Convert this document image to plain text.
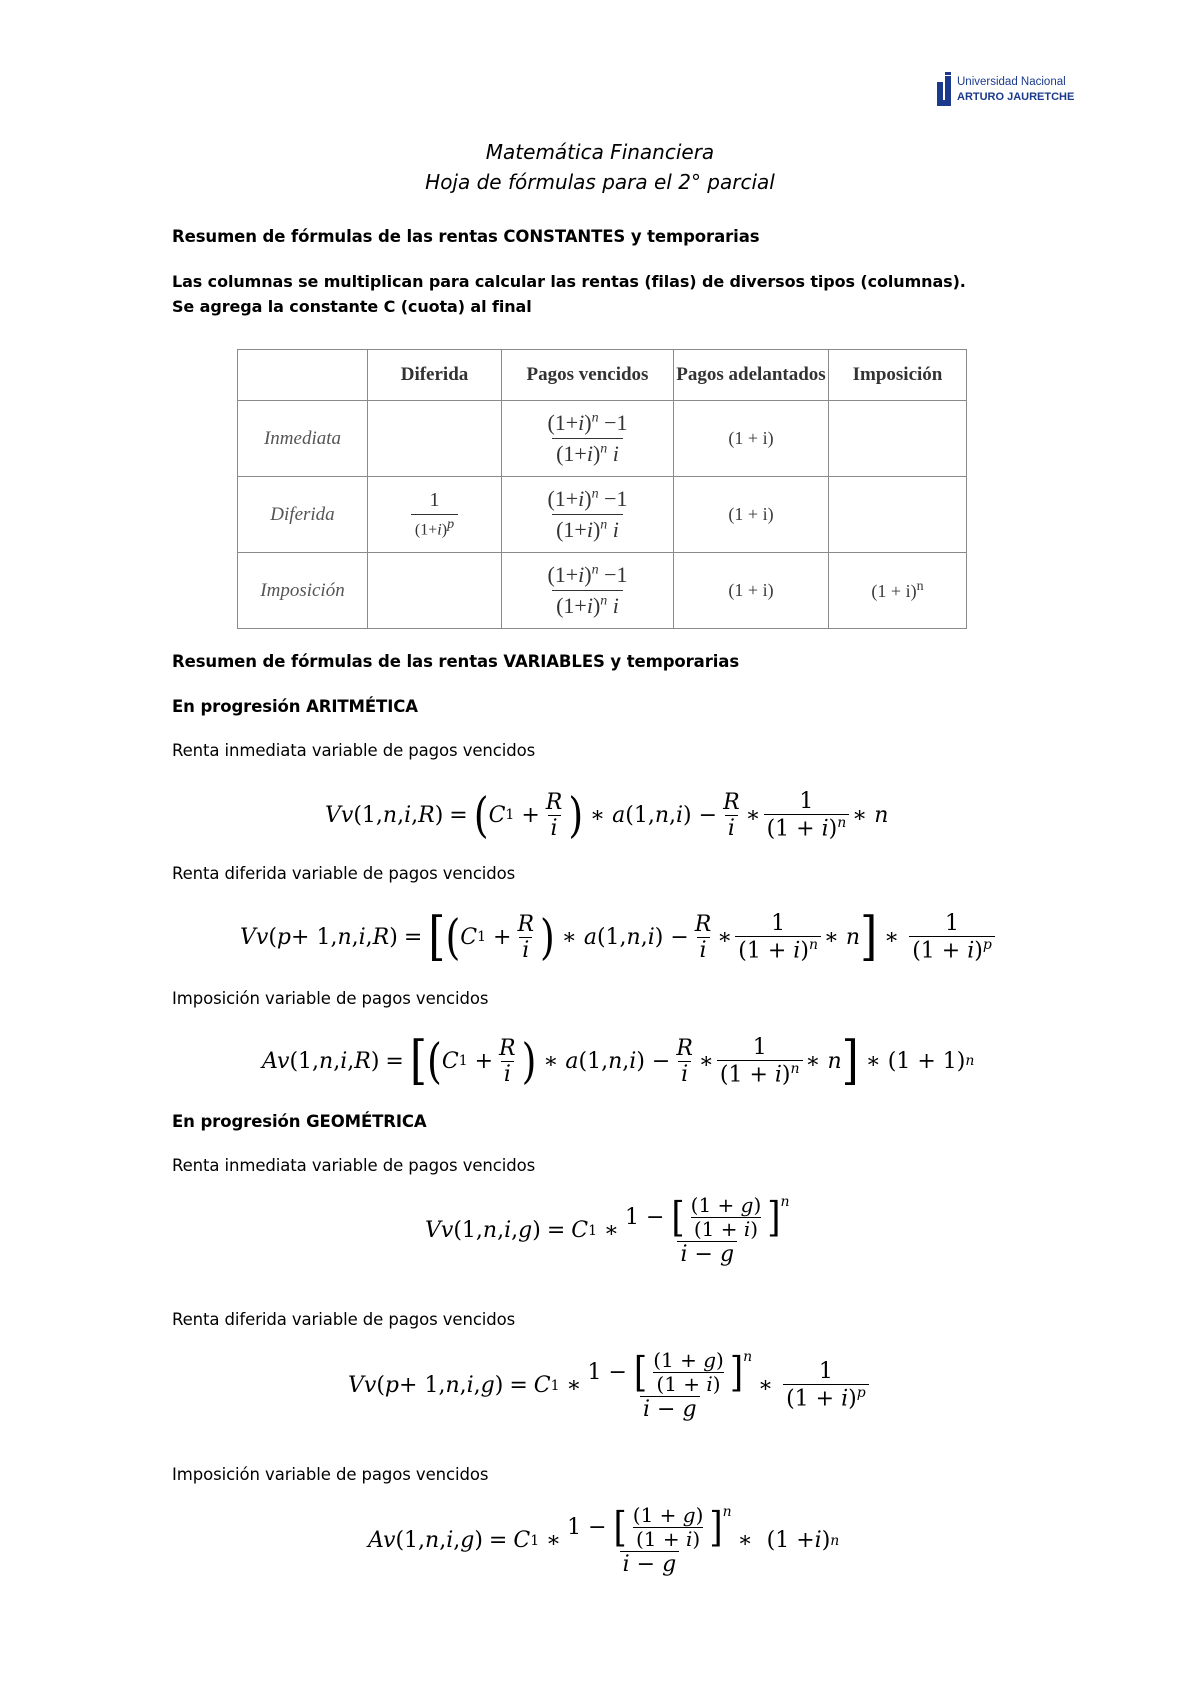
Universidad Nacional
ARTURO JAURETCHE
Matemática Financiera
Hoja de fórmulas para el 2° parcial
Resumen de fórmulas de las rentas CONSTANTES y temporarias
Las columnas se multiplican para calcular las rentas (filas) de diversos tipos (columnas).
Se agrega la constante C (cuota) al final
	Diferida	Pagos vencidos	Pagos adelantados	Imposición
Inmediata		$\frac{(1+i)^n -1}{(1+i)^n i}$	(1 + i)	
Diferida	$\frac{1}{(1+i)^p}$	$\frac{(1+i)^n -1}{(1+i)^n i}$	(1 + i)	
Imposición		$\frac{(1+i)^n -1}{(1+i)^n i}$	(1 + i)	$(1 + i)^n$
Resumen de fórmulas de las rentas VARIABLES y temporarias
En progresión ARITMÉTICA
Renta inmediata variable de pagos vencidos
Vv (1, n , i , R ) = ( C 1 +
R
i ) ∗ a (1, n , i ) −
R
i
∗
1
$(1 + i)^n$ ∗ n
Renta diferida variable de pagos vencidos
Vv ( p + 1, n , i , R ) = [ ( C 1 +
R
i ) ∗ a (1, n , i ) −
R
i
∗
1
$(1 + i)^n$ ∗ n ] ∗
1
$(1 + i)^p$
Imposición variable de pagos vencidos
Av (1, n , i , R ) = [ ( C 1 +
R
i ) ∗ a (1, n , i ) −
R
i
∗
1
$(1 + i)^n$ ∗ n ] ∗ (1 + 1) n
En progresión GEOMÉTRICA
Renta inmediata variable de pagos vencidos
Vv (1, n , i , g ) = C 1 ∗
1 − [ (1 + g)
(1 + i) ] $^n$
i − g
Renta diferida variable de pagos vencidos
Vv ( p + 1, n , i , g ) = C 1 ∗
1 − [ (1 + g)
(1 + i) ] $^n$
i − g
∗
1
$(1 + i)^p$
Imposición variable de pagos vencidos
Av (1, n , i , g ) = C 1 ∗
1 − [ (1 + g)
(1 + i) ] $^n$
i − g
∗  (1 + i ) n
